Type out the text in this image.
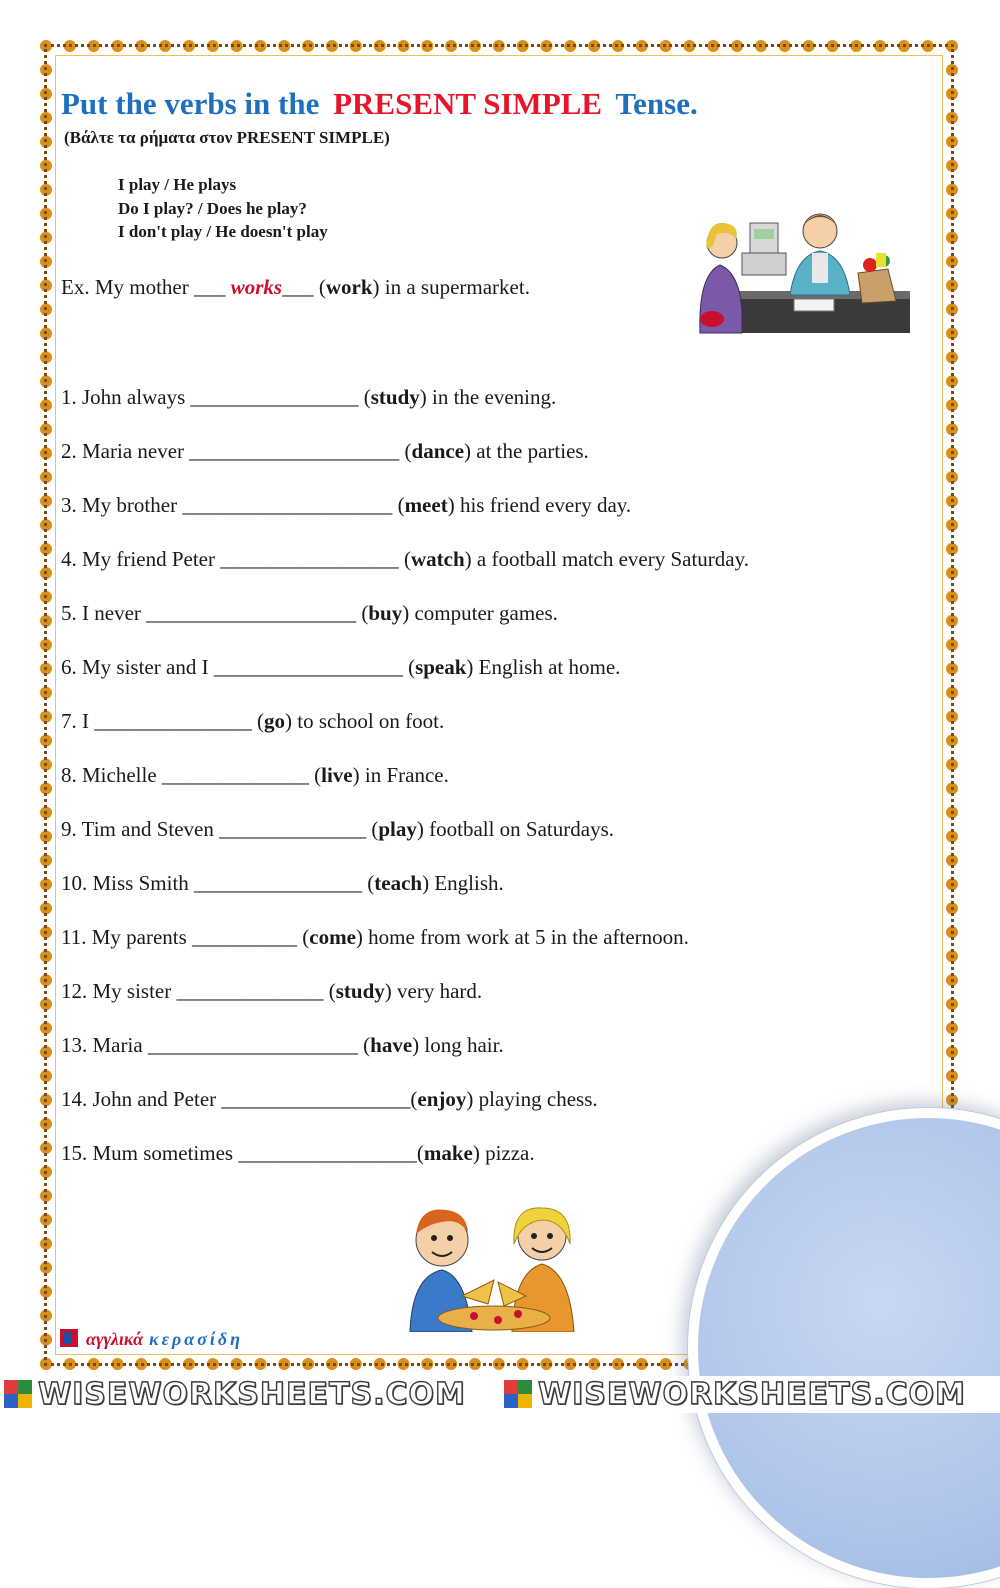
Put the verbs in the PRESENT SIMPLE Tense.

(Βάλτε τα ρήματα στον PRESENT SIMPLE)

I play / He plays
Do I play? / Does he play?
I don't play / He doesn't play
Ex. My mother ___ works___ (work) in a supermarket.
1. John always ________________ (study) in the evening.
2. Maria never ____________________ (dance) at the parties.
3. My brother ____________________ (meet) his friend every day.
4. My friend Peter _________________ (watch) a football match every Saturday.
5. I never ____________________ (buy) computer games.
6. My sister and I __________________ (speak) English at home.
7. I _______________ (go) to school on foot.
8. Michelle ______________ (live) in France.
9. Tim and Steven ______________ (play) football on Saturdays.
10. Miss Smith ________________ (teach) English.
11. My parents __________ (come) home from work at 5 in the afternoon.
12. My sister ______________ (study) very hard.
13. Maria ____________________ (have) long hair.
14. John and Peter __________________(enjoy) playing chess.
15. Mum sometimes _________________(make) pizza.
αγγλικά κερασίδη
WISEWORKSHEETS.COM WISEWORKSHEETS.COM
